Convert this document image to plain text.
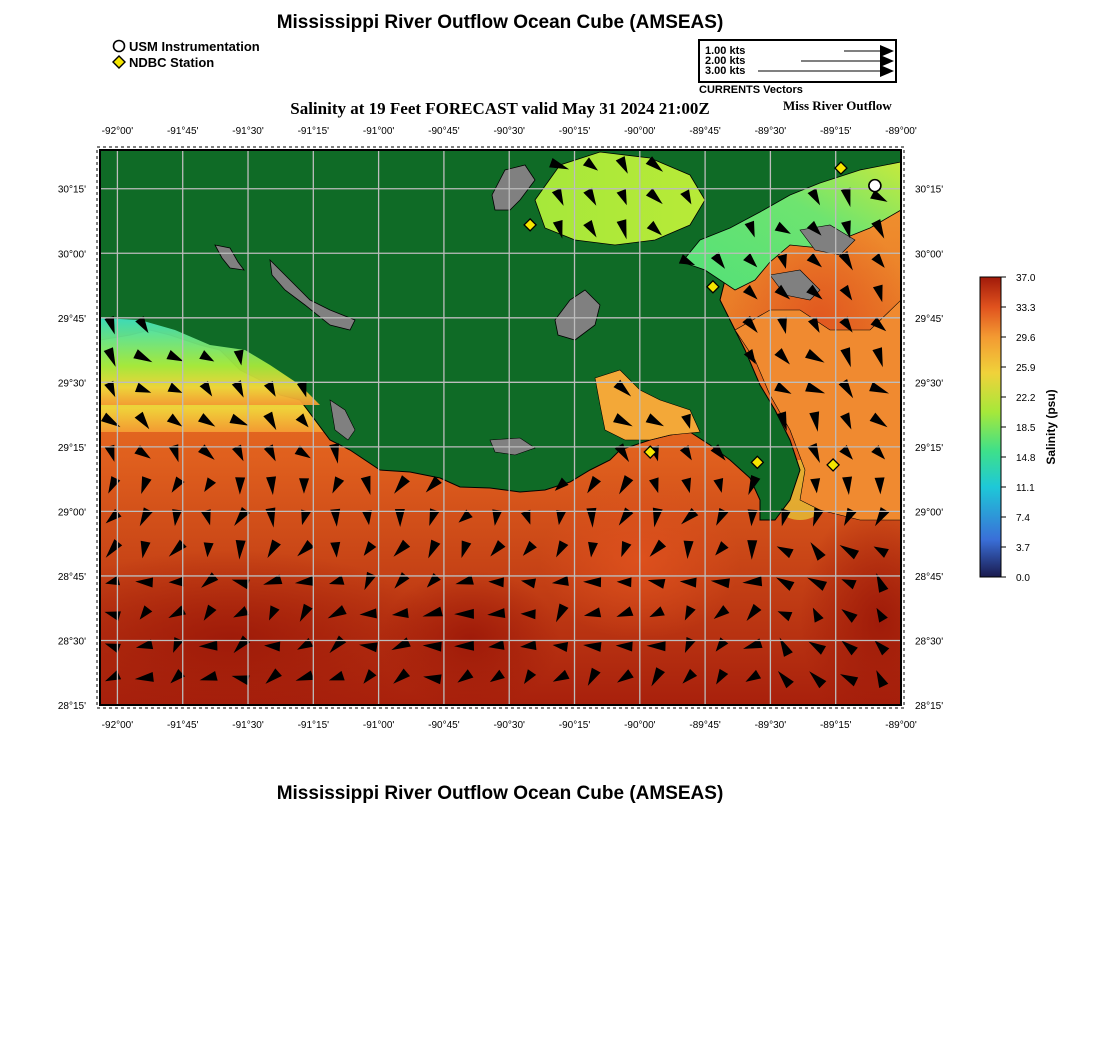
Mississippi River Outflow Ocean Cube (AMSEAS)
USM Instrumentation
NDBC Station
1.00 kts
2.00 kts
3.00 kts
CURRENTS Vectors
Salinity at 19 Feet FORECAST valid May 31 2024 21:00Z	Miss River Outflow
-92°00'	-91°45'	-91°30'	-91°15'	-91°00'	-90°45'	-90°30'	-90°15'	-90°00'	-89°45'	-89°30'	-89°15'	-89°00'
-92°00'	-91°45'	-91°30'	-91°15'	-91°00'	-90°45'	-90°30'	-90°15'	-90°00'	-89°45'	-89°30'	-89°15'	-89°00'
30°15'
30°00'
29°45'
29°30'
29°15'
29°00'
28°45'
28°30'
28°15'
30°15'
30°00'
29°45'
29°30'
29°15'
29°00'
28°45'
28°30'
28°15'
37.0
33.3
29.6
25.9
22.2
18.5
14.8
11.1
7.4
3.7
0.0
Salinity (psu)
Mississippi River Outflow Ocean Cube (AMSEAS)
